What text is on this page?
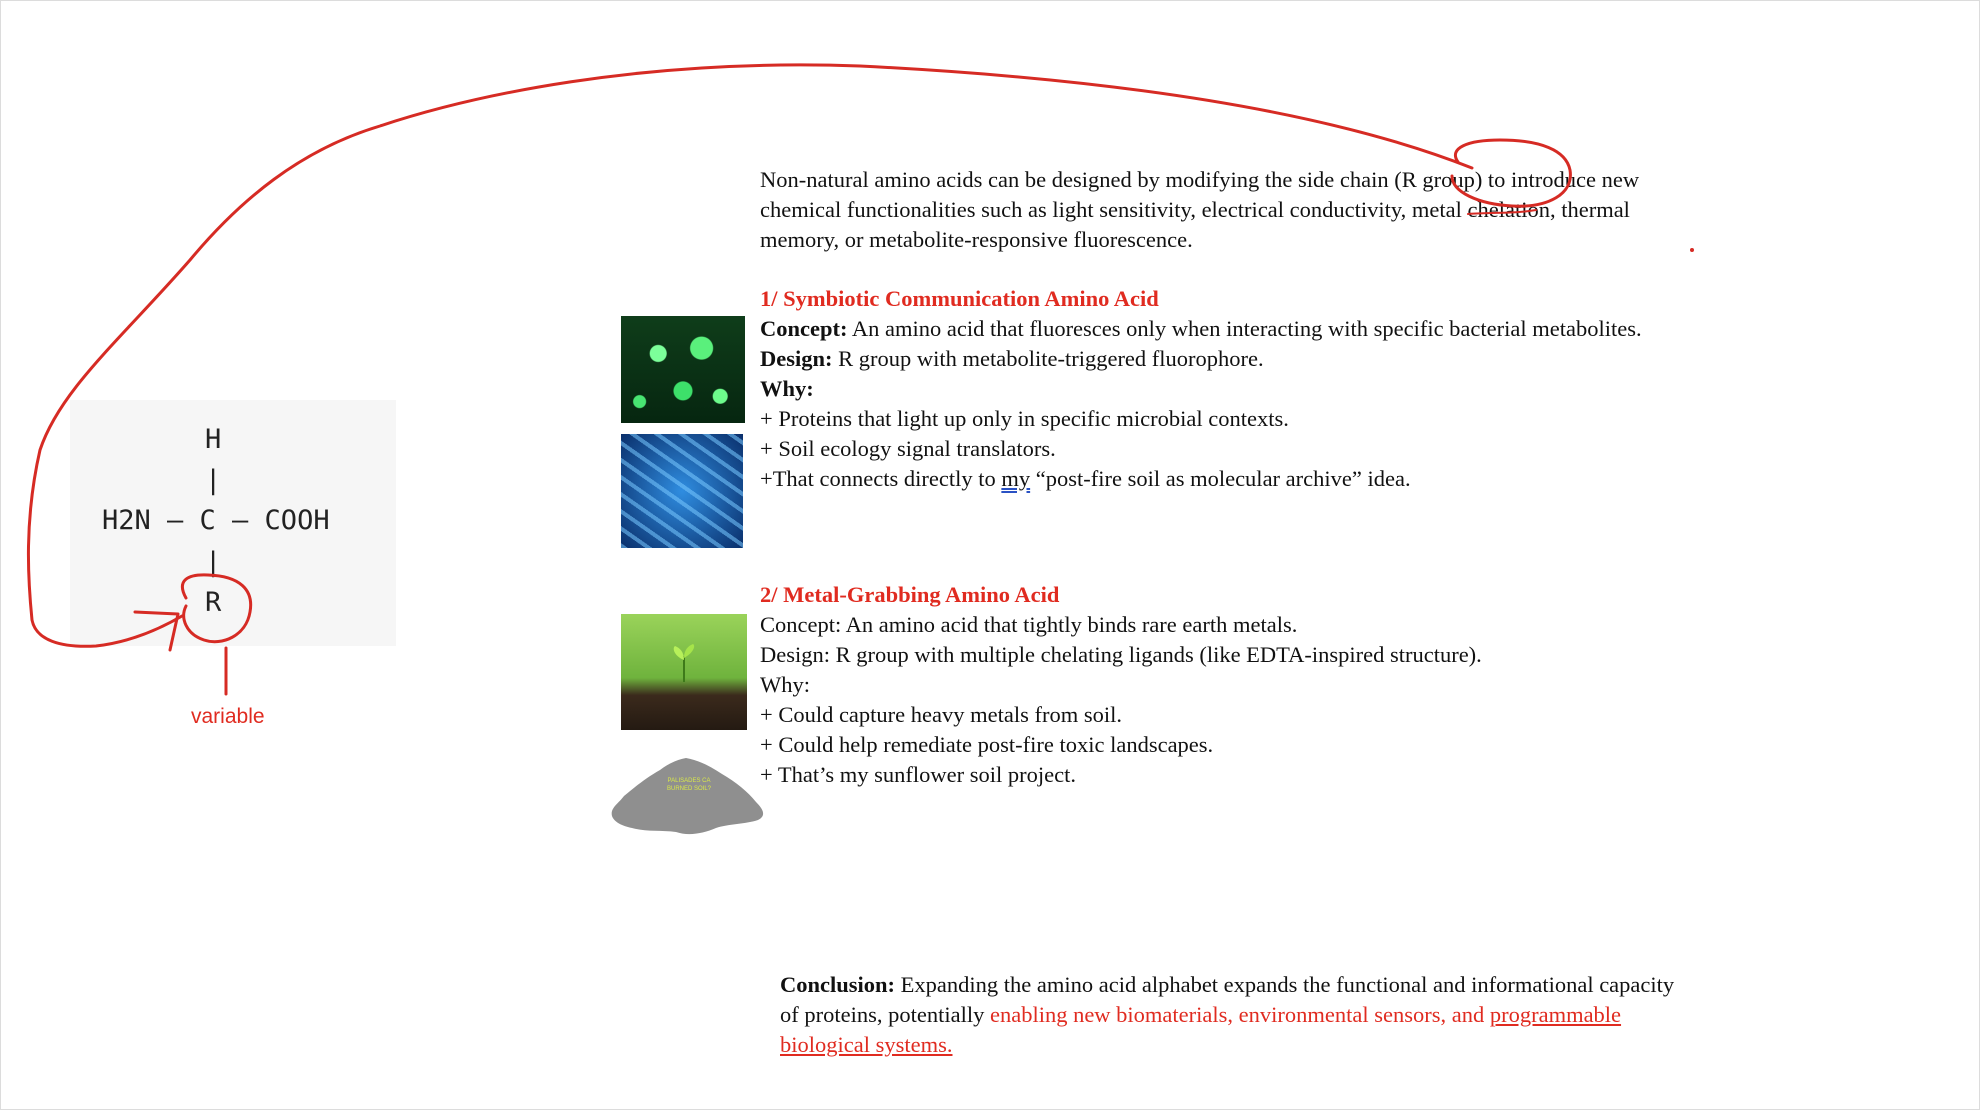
Non-natural amino acids can be designed by modifying the side chain (R group) to introduce new
chemical functionalities such as light sensitivity, electrical conductivity, metal chelation, thermal
memory, or metabolite-responsive fluorescence.
1/ Symbiotic Communication Amino Acid
Concept: An amino acid that fluoresces only when interacting with specific bacterial metabolites.
Design: R group with metabolite-triggered fluorophore.
Why:
+ Proteins that light up only in specific microbial contexts.
+ Soil ecology signal translators.
+That connects directly to my “post-fire soil as molecular archive” idea.
2/ Metal-Grabbing Amino Acid
Concept: An amino acid that tightly binds rare earth metals.
Design: R group with multiple chelating ligands (like EDTA-inspired structure).
Why:
+ Could capture heavy metals from soil.
+ Could help remediate post-fire toxic landscapes.
+ That’s my sunflower soil project.
PALISADES CA
BURNED SOIL?
H
|
H2N – C – COOH
|
R
variable
Conclusion: Expanding the amino acid alphabet expands the functional and informational capacity
of proteins, potentially enabling new biomaterials, environmental sensors, and programmable
biological systems.
